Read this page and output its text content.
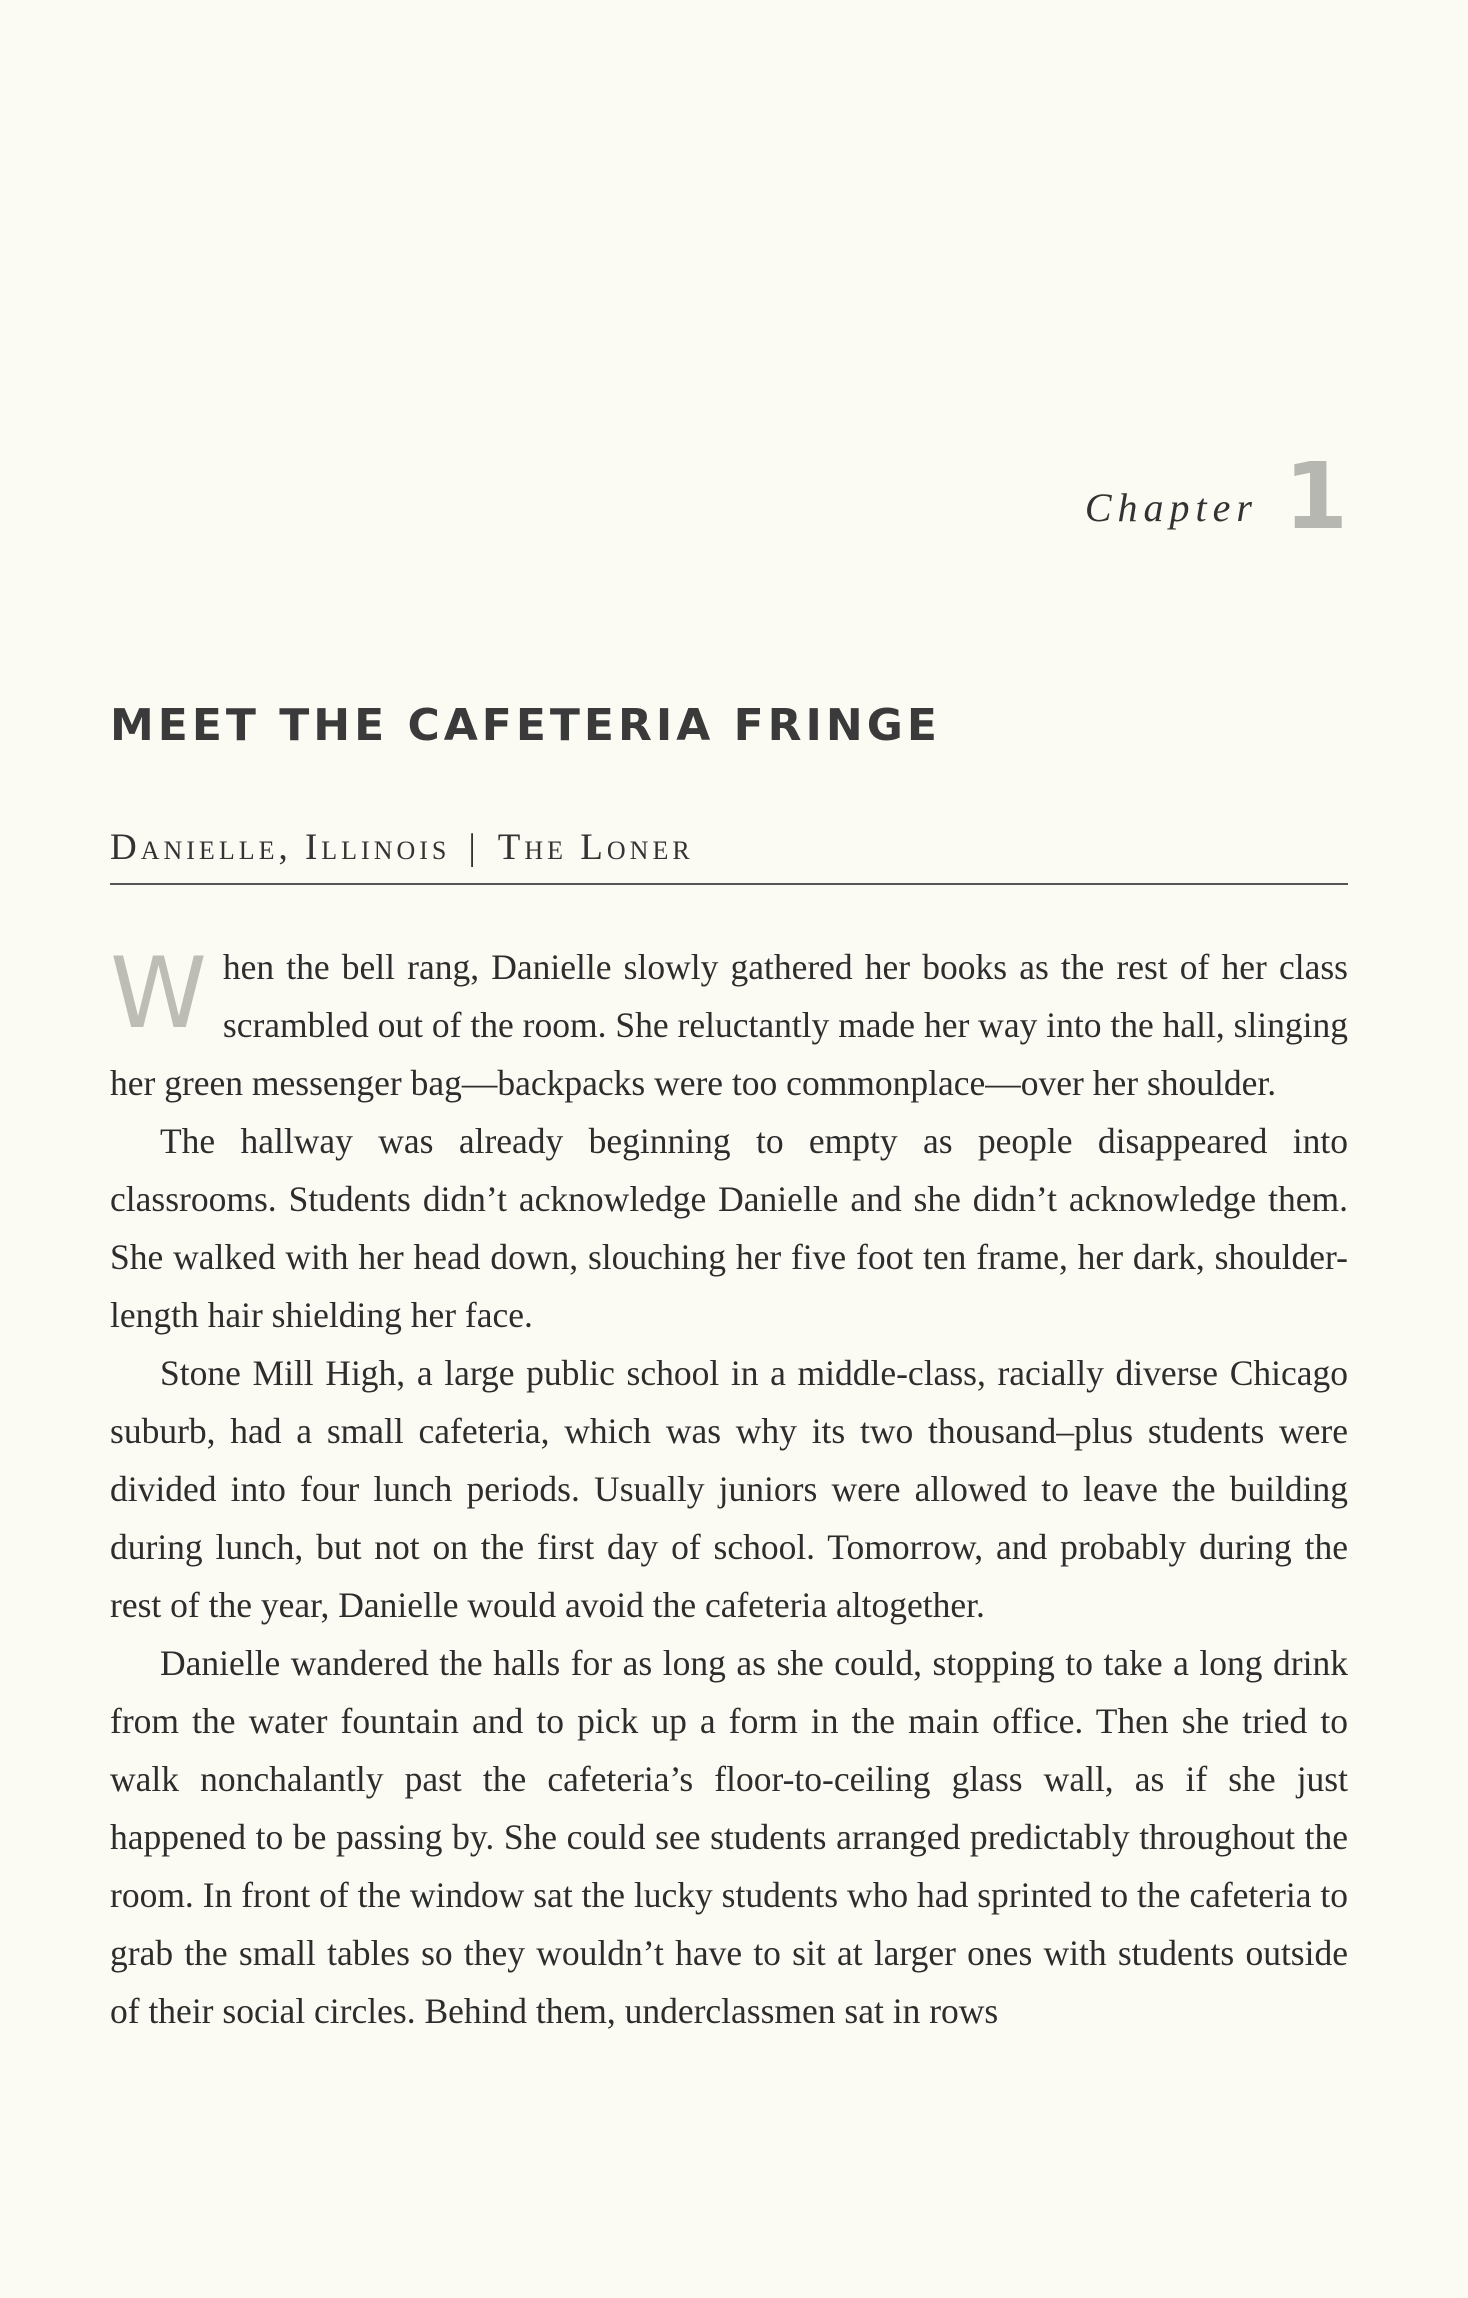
Chapter 1
MEET THE CAFETERIA FRINGE
Danielle, Illinois | The Loner

When the bell rang, Danielle slowly gathered her books as the rest of her class scrambled out of the room. She reluctantly made her way into the hall, slinging her green messenger bag—backpacks were too commonplace—over her shoulder.

The hallway was already beginning to empty as people disappeared into classrooms. Students didn’t acknowledge Danielle and she didn’t acknowledge them. She walked with her head down, slouching her five foot ten frame, her dark, shoulder-length hair shielding her face.

Stone Mill High, a large public school in a middle-class, racially diverse Chicago suburb, had a small cafeteria, which was why its two thousand–plus students were divided into four lunch periods. Usually juniors were allowed to leave the building during lunch, but not on the first day of school. Tomorrow, and probably during the rest of the year, Danielle would avoid the cafeteria altogether.

Danielle wandered the halls for as long as she could, stopping to take a long drink from the water fountain and to pick up a form in the main office. Then she tried to walk nonchalantly past the cafeteria’s floor-to-ceiling glass wall, as if she just happened to be passing by. She could see students arranged predictably throughout the room. In front of the window sat the lucky students who had sprinted to the cafeteria to grab the small tables so they wouldn’t have to sit at larger ones with students outside of their social circles. Behind them, underclassmen sat in rows
